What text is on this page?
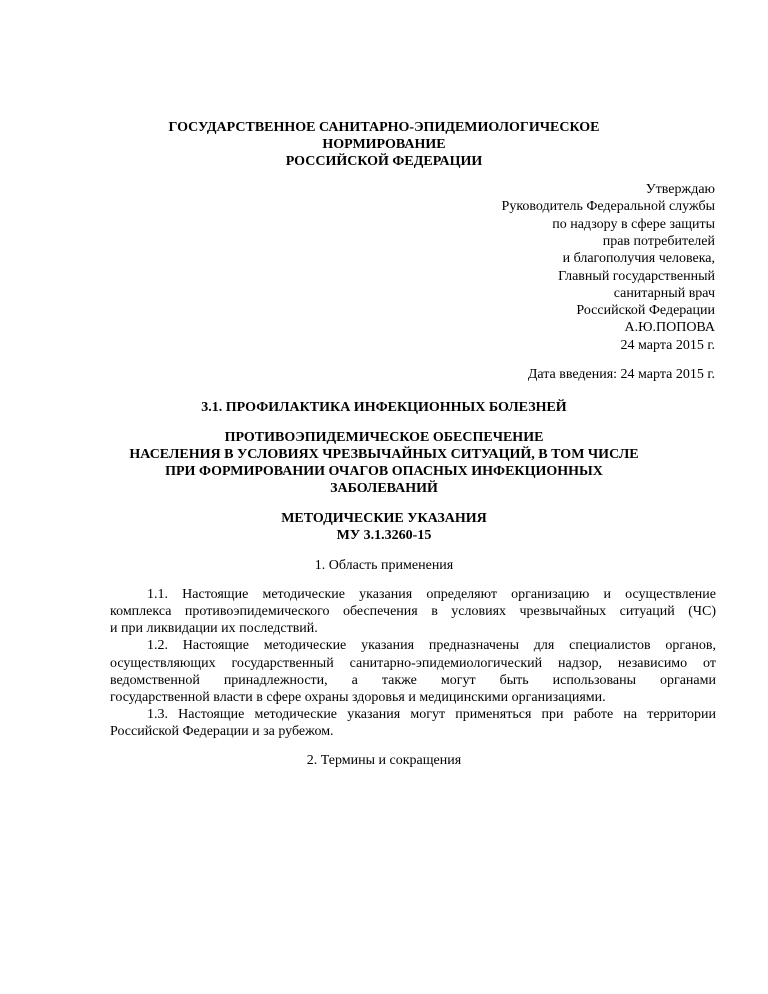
ГОСУДАРСТВЕННОЕ САНИТАРНО-ЭПИДЕМИОЛОГИЧЕСКОЕ
НОРМИРОВАНИЕ
РОССИЙСКОЙ ФЕДЕРАЦИИ
Утверждаю
Руководитель Федеральной службы
по надзору в сфере защиты
прав потребителей
и благополучия человека,
Главный государственный
санитарный врач
Российской Федерации
А.Ю.ПОПОВА
24 марта 2015 г.
Дата введения: 24 марта 2015 г.
3.1. ПРОФИЛАКТИКА ИНФЕКЦИОННЫХ БОЛЕЗНЕЙ
ПРОТИВОЭПИДЕМИЧЕСКОЕ ОБЕСПЕЧЕНИЕ
НАСЕЛЕНИЯ В УСЛОВИЯХ ЧРЕЗВЫЧАЙНЫХ СИТУАЦИЙ, В ТОМ ЧИСЛЕ
ПРИ ФОРМИРОВАНИИ ОЧАГОВ ОПАСНЫХ ИНФЕКЦИОННЫХ
ЗАБОЛЕВАНИЙ
МЕТОДИЧЕСКИЕ УКАЗАНИЯ
МУ 3.1.3260-15
1. Область применения
1.1. Настоящие методические указания определяют организацию и осуществление
комплекса противоэпидемического обеспечения в условиях чрезвычайных ситуаций (ЧС)
и при ликвидации их последствий.
1.2. Настоящие методические указания предназначены для специалистов органов,
осуществляющих государственный санитарно-эпидемиологический надзор, независимо от
ведомственной принадлежности, а также могут быть использованы органами
государственной власти в сфере охраны здоровья и медицинскими организациями.
1.3. Настоящие методические указания могут применяться при работе на территории
Российской Федерации и за рубежом.
2. Термины и сокращения
